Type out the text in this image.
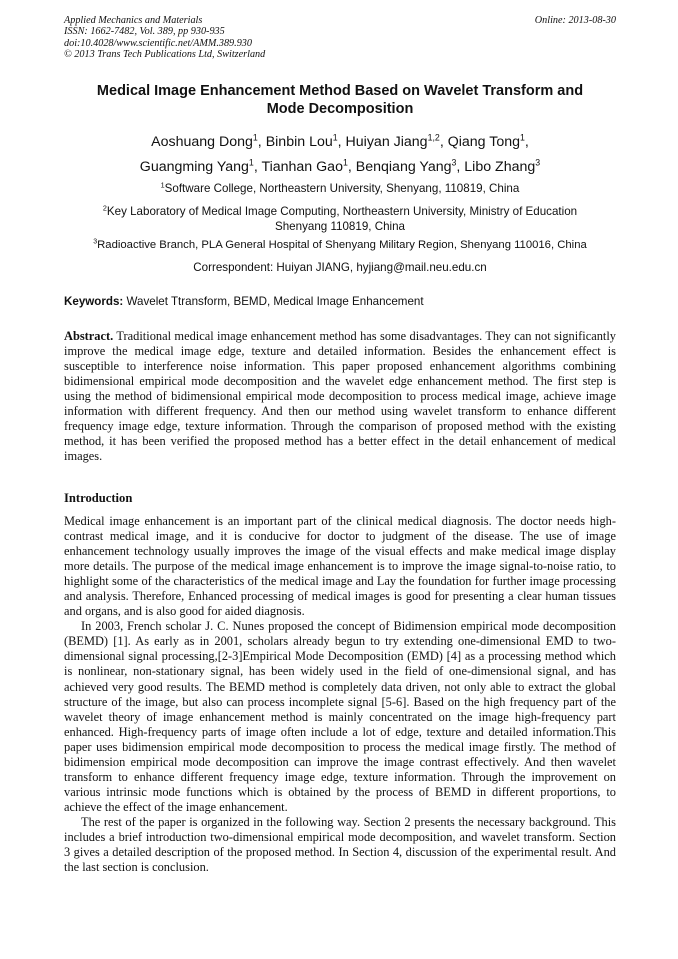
Applied Mechanics and Materials
ISSN: 1662-7482, Vol. 389, pp 930-935
doi:10.4028/www.scientific.net/AMM.389.930
© 2013 Trans Tech Publications Ltd, Switzerland
Online: 2013-08-30
Medical Image Enhancement Method Based on Wavelet Transform and
Mode Decomposition
Aoshuang Dong$^1$, Binbin Lou$^1$, Huiyan Jiang$^{1,2}$, Qiang Tong$^1$,
Guangming Yang$^1$, Tianhan Gao$^1$, Benqiang Yang$^3$, Libo Zhang$^3$
$^1$Software College, Northeastern University, Shenyang, 110819, China
$^2$Key Laboratory of Medical Image Computing, Northeastern University, Ministry of Education
Shenyang 110819, China
$^3$Radioactive Branch, PLA General Hospital of Shenyang Military Region, Shenyang 110016, China
Correspondent: Huiyan JIANG, hyjiang@mail.neu.edu.cn
Keywords: Wavelet Ttransform, BEMD, Medical Image Enhancement
Abstract. Traditional medical image enhancement method has some disadvantages. They can not significantly improve the medical image edge, texture and detailed information. Besides the enhancement effect is susceptible to interference noise information. This paper proposed enhancement algorithms combining bidimensional empirical mode decomposition and the wavelet edge enhancement method. The first step is using the method of bidimensional empirical mode decomposition to process medical image, achieve image information with different frequency. And then our method using wavelet transform to enhance different frequency image edge, texture information. Through the comparison of proposed method with the existing method, it has been verified the proposed method has a better effect in the detail enhancement of medical images.
Introduction

Medical image enhancement is an important part of the clinical medical diagnosis. The doctor needs high-contrast medical image, and it is conducive for doctor to judgment of the disease. The use of image enhancement technology usually improves the image of the visual effects and make medical image display more details. The purpose of the medical image enhancement is to improve the image signal-to-noise ratio, to highlight some of the characteristics of the medical image and Lay the foundation for further image processing and analysis. Therefore, Enhanced processing of medical images is good for presenting a clear human tissues and organs, and is also good for aided diagnosis.

In 2003, French scholar J. C. Nunes proposed the concept of Bidimension empirical mode decomposition (BEMD) [1]. As early as in 2001, scholars already begun to try extending one-dimensional EMD to two-dimensional signal processing,[2-3]Empirical Mode Decomposition (EMD) [4] as a processing method which is nonlinear, non-stationary signal, has been widely used in the field of one-dimensional signal, and has achieved very good results. The BEMD method is completely data driven, not only able to extract the global structure of the image, but also can process incomplete signal [5-6]. Based on the high frequency part of the wavelet theory of image enhancement method is mainly concentrated on the image high-frequency part enhanced. High-frequency parts of image often include a lot of edge, texture and detailed information.This paper uses bidimension empirical mode decomposition to process the medical image firstly. The method of bidimension empirical mode decomposition can improve the image contrast effectively. And then wavelet transform to enhance different frequency image edge, texture information. Through the improvement on various intrinsic mode functions which is obtained by the process of BEMD in different proportions, to achieve the effect of the image enhancement.

The rest of the paper is organized in the following way. Section 2 presents the necessary background. This includes a brief introduction two-dimensional empirical mode decomposition, and wavelet transform. Section 3 gives a detailed description of the proposed method. In Section 4, discussion of the experimental result. And the last section is conclusion.
